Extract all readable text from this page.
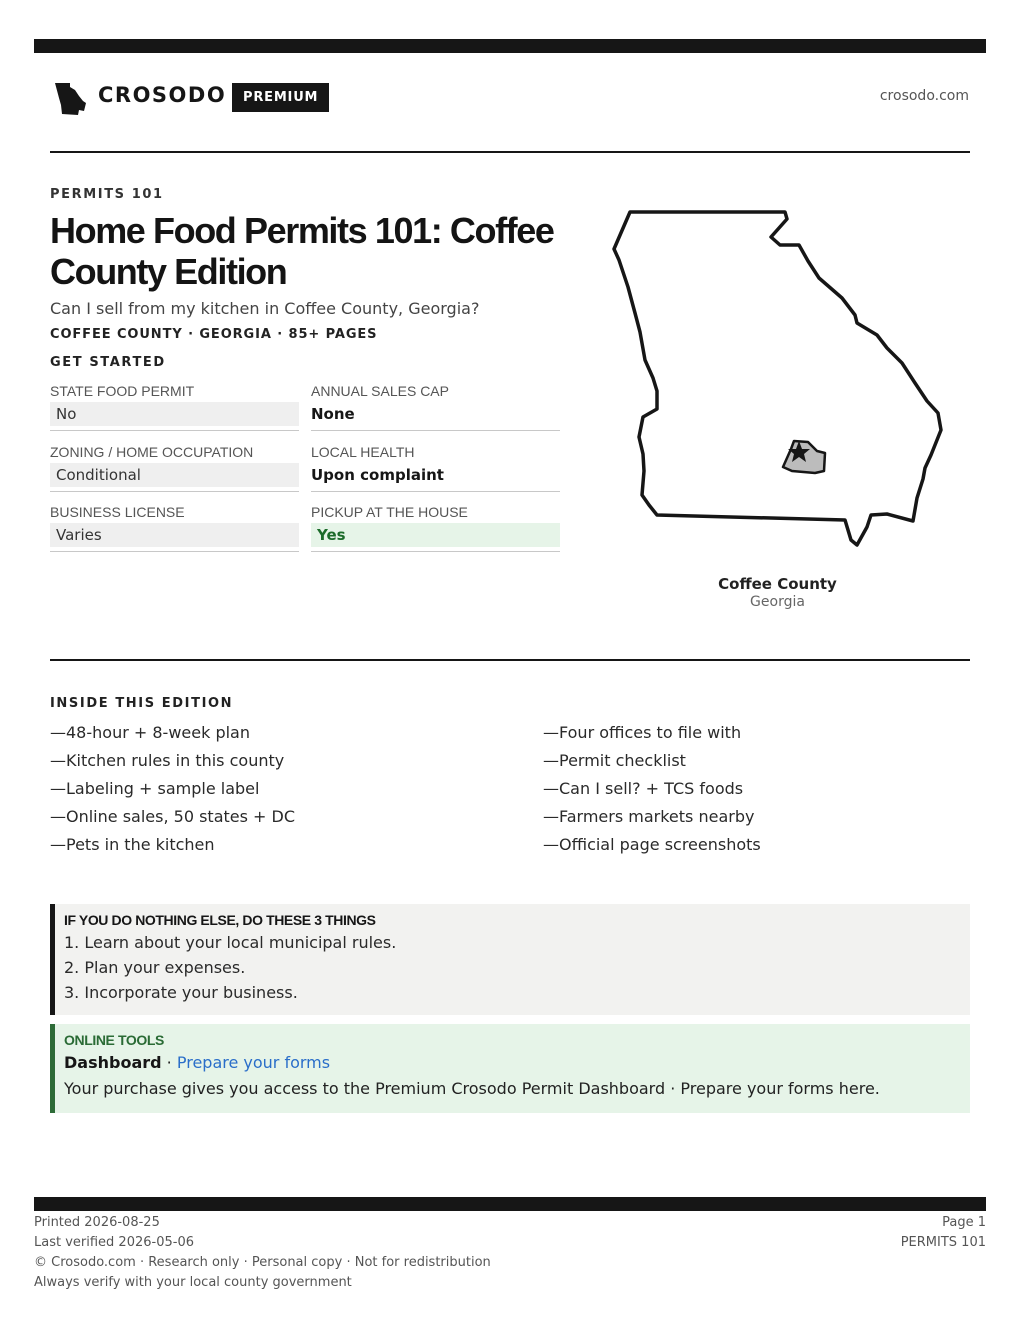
CROSODO	PREMIUM	crosodo.com
PERMITS 101
Home Food Permits 101: Coffee County Edition
Can I sell from my kitchen in Coffee County, Georgia?
COFFEE COUNTY · GEORGIA · 85+ PAGES
GET STARTED
STATE FOOD PERMIT
No
ANNUAL SALES CAP
None
ZONING / HOME OCCUPATION
Conditional
LOCAL HEALTH
Upon complaint
BUSINESS LICENSE
Varies
PICKUP AT THE HOUSE
Yes
Coffee County
Georgia
INSIDE THIS EDITION
—48-hour + 8-week plan
—Kitchen rules in this county
—Labeling + sample label
—Online sales, 50 states + DC
—Pets in the kitchen
—Four offices to file with
—Permit checklist
—Can I sell? + TCS foods
—Farmers markets nearby
—Official page screenshots
IF YOU DO NOTHING ELSE, DO THESE 3 THINGS
1. Learn about your local municipal rules.
2. Plan your expenses.
3. Incorporate your business.
ONLINE TOOLS
Dashboard · Prepare your forms
Your purchase gives you access to the Premium Crosodo Permit Dashboard · Prepare your forms here.
Printed 2026-08-25
Last verified 2026-05-06
© Crosodo.com · Research only · Personal copy · Not for redistribution
Always verify with your local county government
Page 1
PERMITS 101
